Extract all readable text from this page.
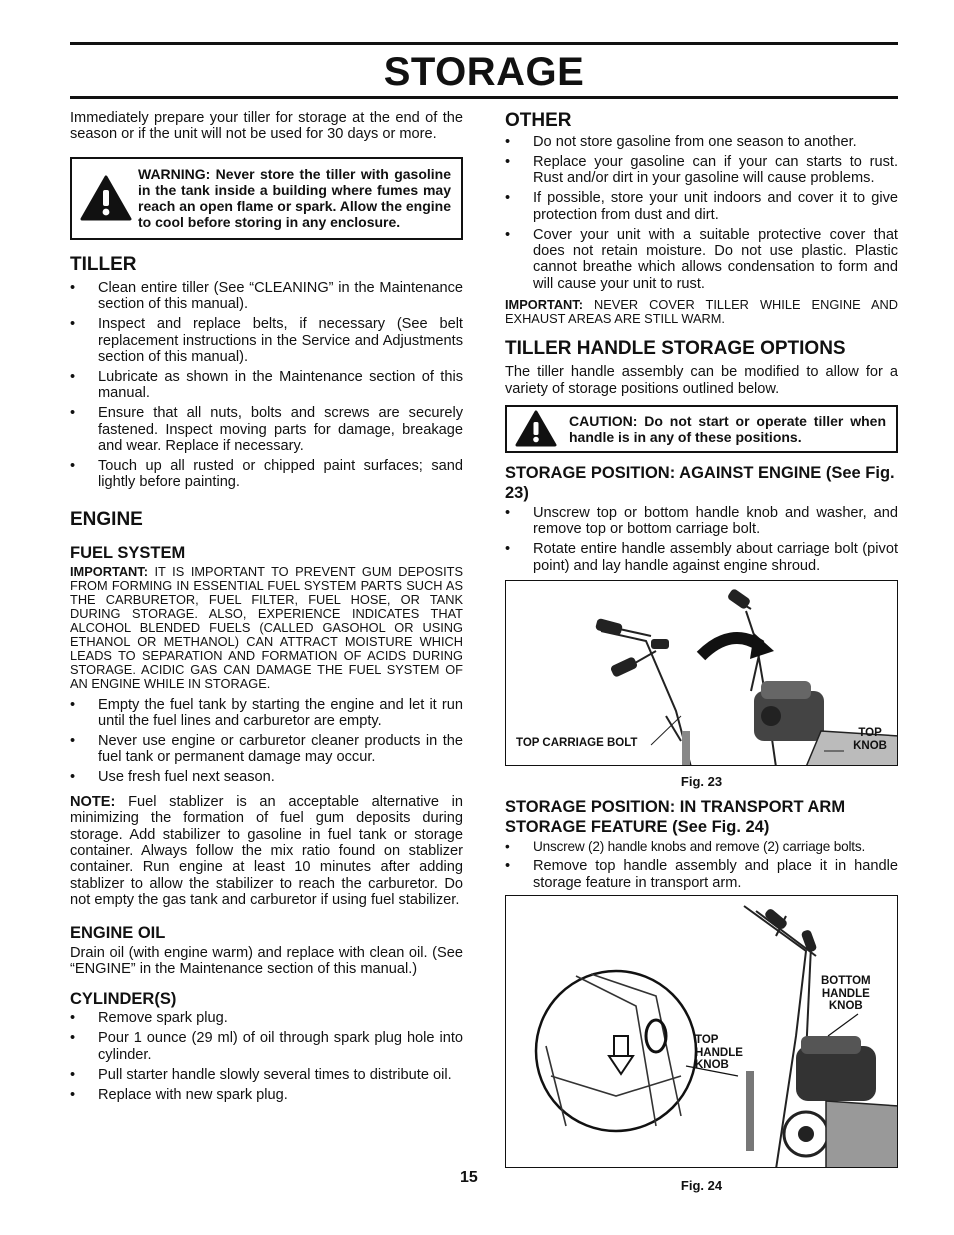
STORAGE

Immediately prepare your tiller for storage at the end of the season or if the unit will not be used for 30 days or more.

WARNING: Never store the tiller with gasoline in the tank inside a building where fumes may reach an open flame or spark. Allow the engine to cool before storing in any enclosure.
TILLER
• Clean entire tiller (See “CLEANING” in the Maintenance section of this manual).
• Inspect and replace belts, if necessary (See belt replacement instructions in the Service and Adjustments section of this manual).
• Lubricate as shown in the Maintenance section of this manual.
• Ensure that all nuts, bolts and screws are securely fastened. Inspect moving parts for damage, breakage and wear. Replace if necessary.
• Touch up all rusted or chipped paint surfaces; sand lightly before painting.
ENGINE
FUEL SYSTEM

IMPORTANT: IT IS IMPORTANT TO PREVENT GUM DEPOSITS FROM FORMING IN ESSENTIAL FUEL SYSTEM PARTS SUCH AS THE CARBURETOR, FUEL FILTER, FUEL HOSE, OR TANK DURING STORAGE. ALSO, EXPERIENCE INDICATES THAT ALCOHOL BLENDED FUELS (CALLED GASOHOL OR USING ETHANOL OR METHANOL) CAN ATTRACT MOISTURE WHICH LEADS TO SEPARATION AND FORMATION OF ACIDS DURING STORAGE. ACIDIC GAS CAN DAMAGE THE FUEL SYSTEM OF AN ENGINE WHILE IN STORAGE.

• Empty the fuel tank by starting the engine and let it run until the fuel lines and carburetor are empty.
• Never use engine or carburetor cleaner products in the fuel tank or permanent damage may occur.
• Use fresh fuel next season.

NOTE: Fuel stablizer is an acceptable alternative in minimizing the formation of fuel gum deposits during storage. Add stabilizer to gasoline in fuel tank or storage container. Always follow the mix ratio found on stablizer container. Run engine at least 10 minutes after adding stablizer to allow the stabilizer to reach the carburetor. Do not empty the gas tank and carburetor if using fuel stabilizer.

ENGINE OIL

Drain oil (with engine warm) and replace with clean oil. (See “ENGINE” in the Maintenance section of this manual.)

CYLINDER(S)
• Remove spark plug.
• Pour 1 ounce (29 ml) of oil through spark plug hole into cylinder.
• Pull starter handle slowly several times to distribute oil.
• Replace with new spark plug.
OTHER
• Do not store gasoline from one season to another.
• Replace your gasoline can if your can starts to rust. Rust and/or dirt in your gasoline will cause problems.
• If possible, store your unit indoors and cover it to give protection from dust and dirt.
• Cover your unit with a suitable protective cover that does not retain moisture. Do not use plastic. Plastic cannot breathe which allows condensation to form and will cause your unit to rust.

IMPORTANT: NEVER COVER TILLER WHILE ENGINE AND EXHAUST AREAS ARE STILL WARM.

TILLER HANDLE STORAGE OPTIONS

The tiller handle assembly can be modified to allow for a variety of storage positions outlined below.

CAUTION: Do not start or operate tiller when handle is in any of these positions.
STORAGE POSITION: AGAINST ENGINE (See Fig. 23)
• Unscrew top or bottom handle knob and washer, and remove top or bottom carriage bolt.
• Rotate entire handle assembly about carriage bolt (pivot point) and lay handle against engine shroud.
TOP CARRIAGE BOLT
TOP
KNOB
Fig. 23
STORAGE POSITION: IN TRANSPORT ARM STORAGE FEATURE (See Fig. 24)
• Unscrew (2) handle knobs and remove (2) carriage bolts.
• Remove top handle assembly and place it in handle storage feature in transport arm.
BOTTOM
HANDLE
KNOB
TOP
HANDLE
KNOB
Fig. 24
15
